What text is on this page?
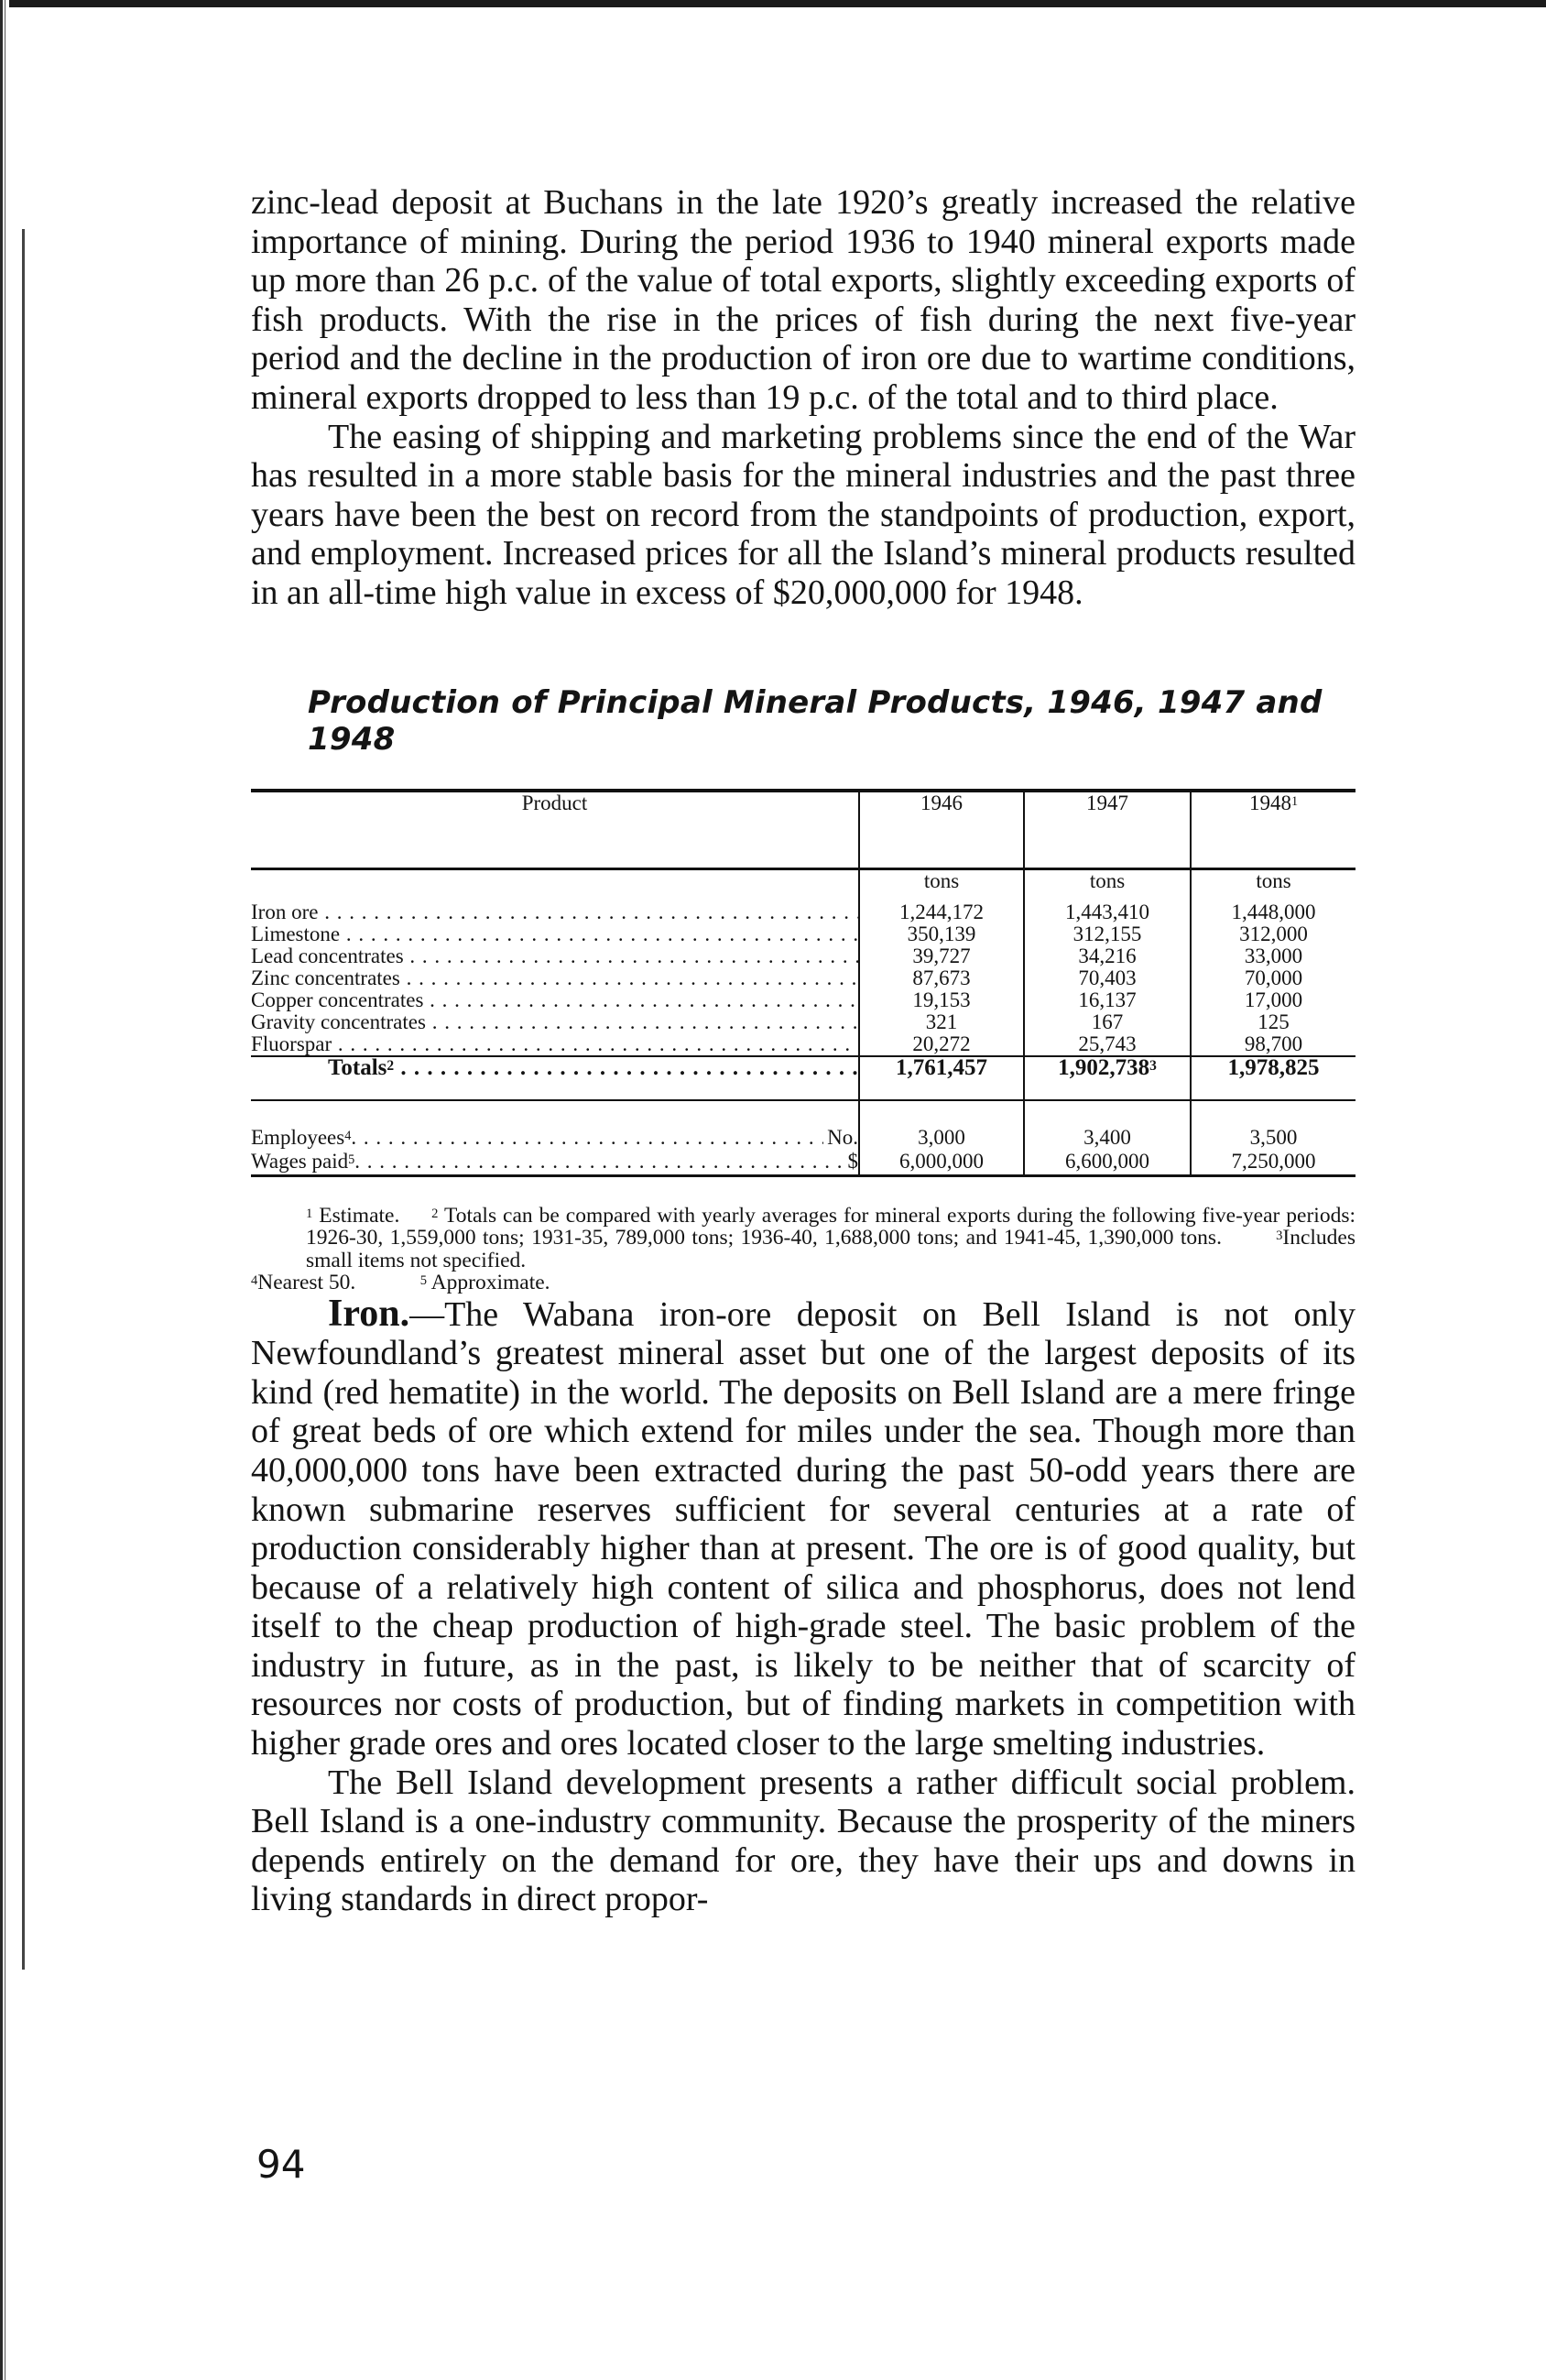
zinc-lead deposit at Buchans in the late 1920’s greatly increased the relative importance of mining. During the period 1936 to 1940 mineral exports made up more than 26 p.c. of the value of total exports, slightly exceeding exports of fish products. With the rise in the prices of fish during the next five-year period and the decline in the production of iron ore due to wartime conditions, mineral exports dropped to less than 19 p.c. of the total and to third place.

The easing of shipping and marketing problems since the end of the War has resulted in a more stable basis for the mineral industries and the past three years have been the best on record from the standpoints of production, export, and employment. Increased prices for all the Island’s mineral products resulted in an all-time high value in excess of $20,000,000 for 1948.

Production of Principal Mineral Products, 1946, 1947 and 1948
Product	1946	1947	1948$^1$
	tons	tons	tons
Iron ore . . .	1,244,172	1,443,410	1,448,000
Limestone . . .	350,139	312,155	312,000
Lead concentrates . . .	39,727	34,216	33,000
Zinc concentrates . . .	87,673	70,403	70,000
Copper concentrates . . .	19,153	16,137	17,000
Gravity concentrates . . .	321	167	125
Fluorspar . . .	20,272	25,743	98,700
Totals$^2$ . . .	1,761,457	1,902,738$^3$	1,978,825

Employees$^4$ . . . No.	3,000	3,400	3,500

Wages paid$^5$ . . . $	6,000,000	6,600,000	7,250,000
$^1$ Estimate. $^2$ Totals can be compared with yearly averages for mineral exports during the following five-year periods: 1926-30, 1,559,000 tons; 1931-35, 789,000 tons; 1936-40, 1,688,000 tons; and 1941-45, 1,390,000 tons.	$^3$Includes small items not specified.
$^4$Nearest 50.	$^5$ Approximate.

Iron.—The Wabana iron-ore deposit on Bell Island is not only Newfoundland’s greatest mineral asset but one of the largest deposits of its kind (red hematite) in the world. The deposits on Bell Island are a mere fringe of great beds of ore which extend for miles under the sea. Though more than 40,000,000 tons have been extracted during the past 50-odd years there are known submarine reserves sufficient for several centuries at a rate of production considerably higher than at present. The ore is of good quality, but because of a relatively high content of silica and phosphorus, does not lend itself to the cheap production of high-grade steel. The basic problem of the industry in future, as in the past, is likely to be neither that of scarcity of resources nor costs of production, but of finding markets in competition with higher grade ores and ores located closer to the large smelting industries.

The Bell Island development presents a rather difficult social problem. Bell Island is a one-industry community. Because the prosperity of the miners depends entirely on the demand for ore, they have their ups and downs in living standards in direct propor-

94
